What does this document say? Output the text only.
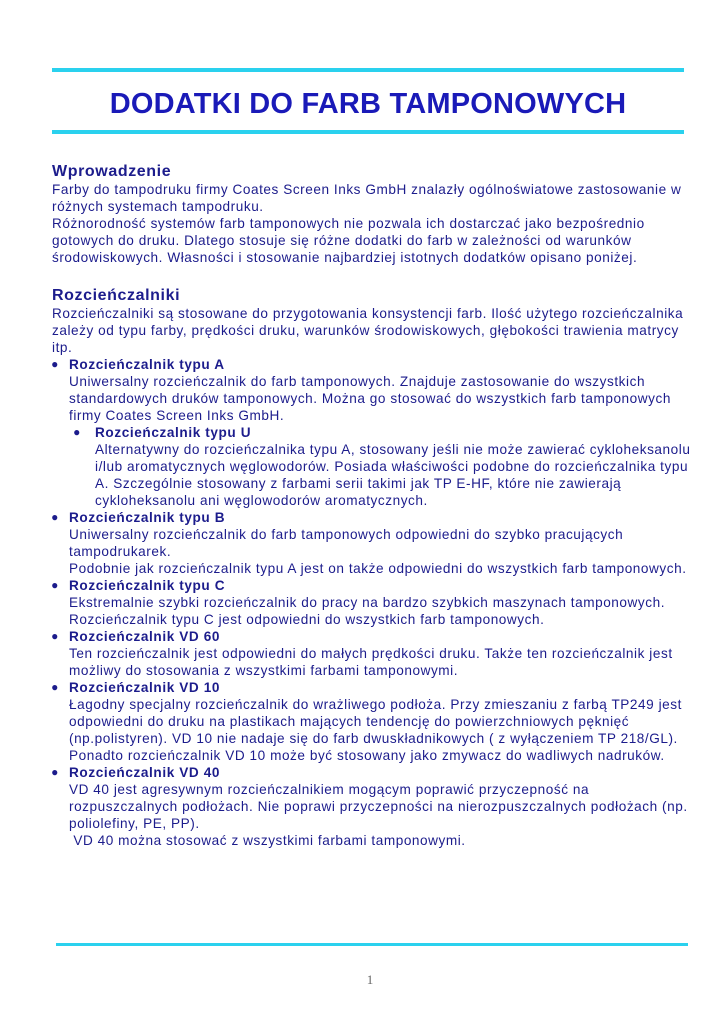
DODATKI DO FARB TAMPONOWYCH

Wprowadzenie

Farby do tampodruku firmy Coates Screen Inks GmbH znalazły ogólnoświatowe zastosowanie w różnych systemach tampodruku.

Różnorodność systemów farb tamponowych nie pozwala ich dostarczać jako bezpośrednio gotowych do druku. Dlatego stosuje się różne dodatki do farb w zależności od warunków środowiskowych. Własności i stosowanie najbardziej istotnych dodatków opisano poniżej.

Rozcieńczalniki

Rozcieńczalniki są stosowane do przygotowania konsystencji farb. Ilość użytego rozcieńczalnika zależy od typu farby, prędkości druku, warunków środowiskowych, głębokości trawienia matrycy itp.

● Rozcieńczalnik typu A
Uniwersalny rozcieńczalnik do farb tamponowych. Znajduje zastosowanie do wszystkich standardowych druków tamponowych. Można go stosować do wszystkich farb tamponowych firmy Coates Screen Inks GmbH.
● Rozcieńczalnik typu U
Alternatywny do rozcieńczalnika typu A, stosowany jeśli nie może zawierać cykloheksanolu i/lub aromatycznych węglowodorów. Posiada właściwości podobne do rozcieńczalnika typu A. Szczególnie stosowany z farbami serii takimi jak TP E-HF, które nie zawierają cykloheksanolu ani węglowodorów aromatycznych.
● Rozcieńczalnik typu B
Uniwersalny rozcieńczalnik do farb tamponowych odpowiedni do szybko pracujących tampodrukarek.
Podobnie jak rozcieńczalnik typu A jest on także odpowiedni do wszystkich farb tamponowych.
● Rozcieńczalnik typu C
Ekstremalnie szybki rozcieńczalnik do pracy na bardzo szybkich maszynach tamponowych. Rozcieńczalnik typu C jest odpowiedni do wszystkich farb tamponowych.
● Rozcieńczalnik VD 60
Ten rozcieńczalnik jest odpowiedni do małych prędkości druku. Także ten rozcieńczalnik jest możliwy do stosowania z wszystkimi farbami tamponowymi.
● Rozcieńczalnik VD 10
Łagodny specjalny rozcieńczalnik do wrażliwego podłoża. Przy zmieszaniu z farbą TP249 jest odpowiedni do druku na plastikach mających tendencję do powierzchniowych pęknięć (np.polistyren). VD 10 nie nadaje się do farb dwuskładnikowych ( z wyłączeniem TP 218/GL). Ponadto rozcieńczalnik VD 10 może być stosowany jako zmywacz do wadliwych nadruków.
● Rozcieńczalnik VD 40
VD 40 jest agresywnym rozcieńczalnikiem mogącym poprawić przyczepność na rozpuszczalnych podłożach. Nie poprawi przyczepności na nierozpuszczalnych podłożach (np. poliolefiny, PE, PP).
VD 40 można stosować z wszystkimi farbami tamponowymi.
1
